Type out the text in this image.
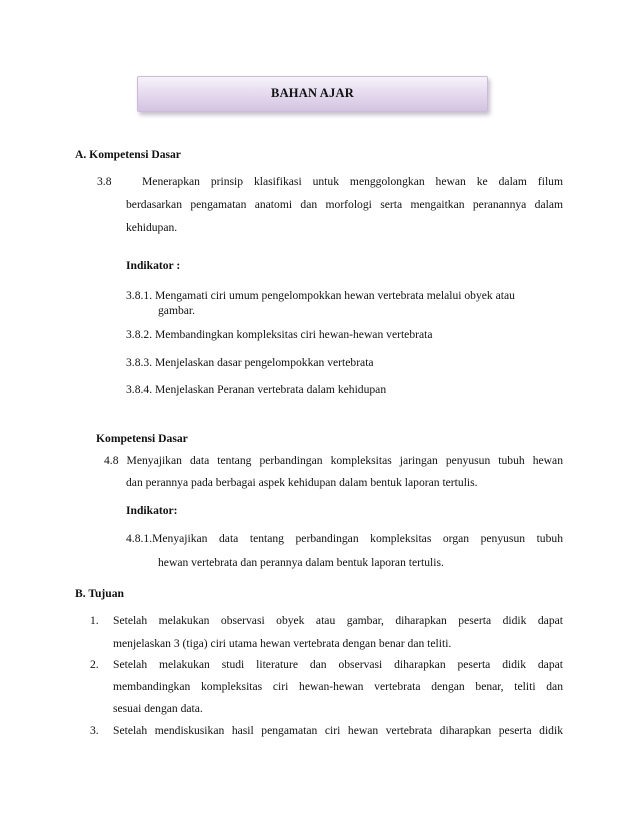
BAHAN AJAR
A. Kompetensi Dasar
3.8	Menerapkan prinsip klasifikasi untuk menggolongkan hewan ke dalam filum
berdasarkan pengamatan anatomi dan morfologi serta mengaitkan peranannya dalam
kehidupan.
Indikator :
3.8.1. Mengamati ciri umum pengelompokkan hewan vertebrata melalui obyek atau
gambar.
3.8.2. Membandingkan kompleksitas ciri hewan-hewan vertebrata
3.8.3. Menjelaskan dasar pengelompokkan vertebrata
3.8.4. Menjelaskan Peranan vertebrata dalam kehidupan
Kompetensi Dasar
4.8 Menyajikan data tentang perbandingan kompleksitas jaringan penyusun tubuh hewan
dan perannya pada berbagai aspek kehidupan dalam bentuk laporan tertulis.
Indikator:
4.8.1.Menyajikan data tentang perbandingan kompleksitas organ penyusun tubuh
hewan vertebrata dan perannya dalam bentuk laporan tertulis.
B. Tujuan
1. Setelah melakukan observasi obyek atau gambar, diharapkan peserta didik dapat
menjelaskan 3 (tiga) ciri utama hewan vertebrata dengan benar dan teliti.
2. Setelah melakukan studi literature dan observasi diharapkan peserta didik dapat
membandingkan kompleksitas ciri hewan-hewan vertebrata dengan benar, teliti dan
sesuai dengan data.
3. Setelah mendiskusikan hasil pengamatan ciri hewan vertebrata diharapkan peserta didik
